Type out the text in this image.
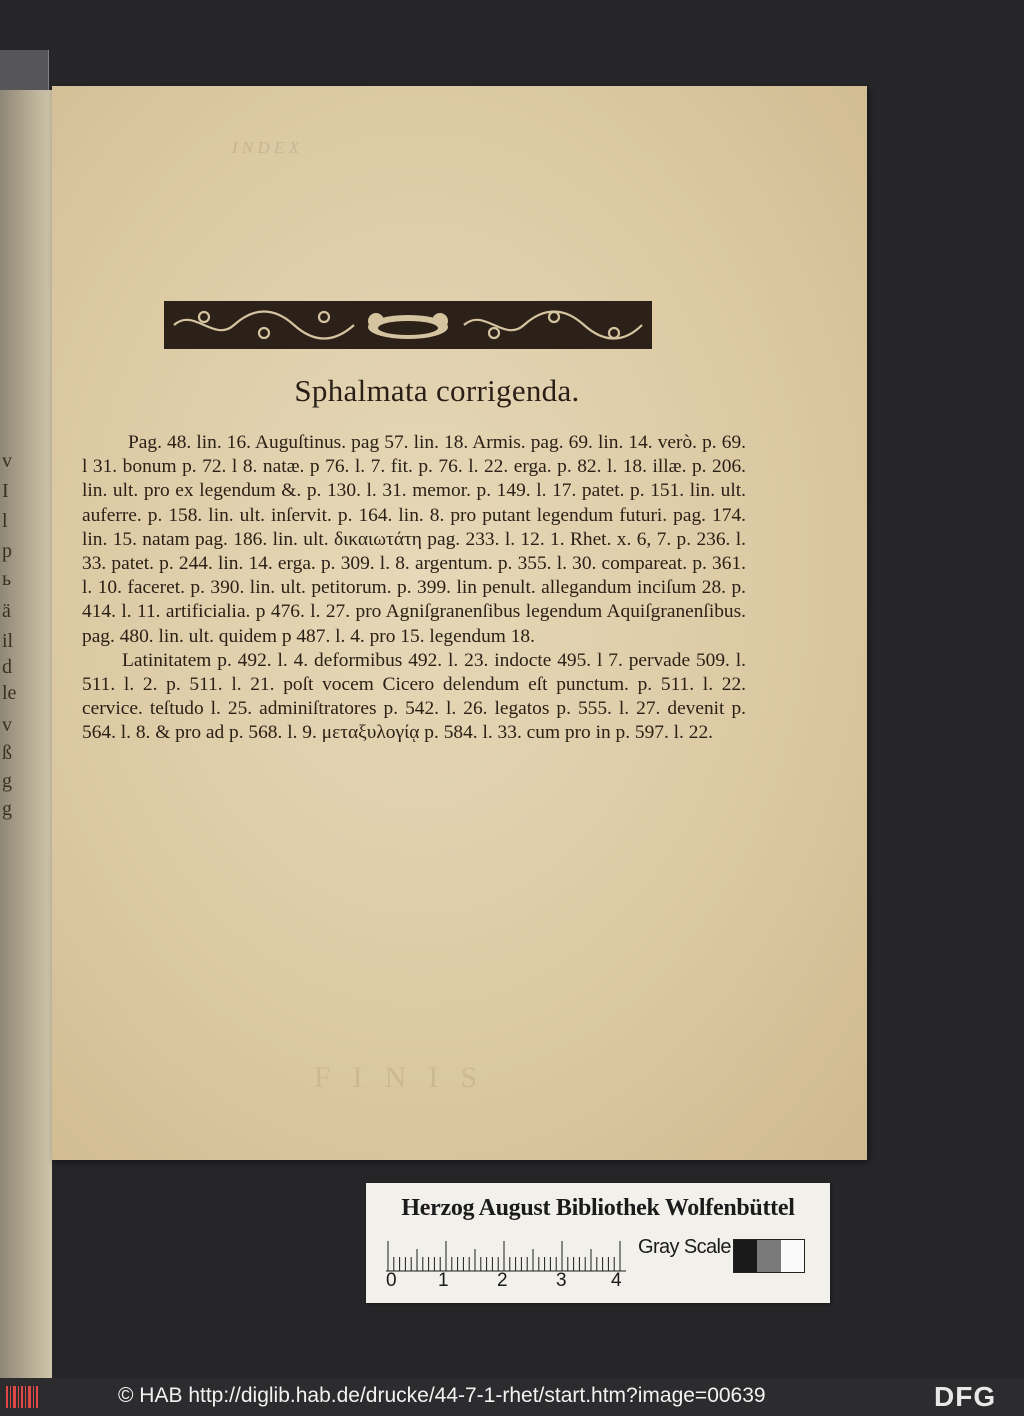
v
I
l
p
ь
ä
il
d
le
v
ß
g
g
I N D E X
Sphalmata corrigenda.

Pag. 48. lin. 16. Auguſtinus. pag 57. lin. 18. Armis. pag. 69. lin. 14. verò. p. 69. l 31. bonum p. 72. l 8. natæ. p 76. l. 7. fit. p. 76. l. 22. erga. p. 82. l. 18. illæ. p. 206. lin. ult. pro ex legendum &. p. 130. l. 31. memor. p. 149. l. 17. patet. p. 151. lin. ult. auferre. p. 158. lin. ult. inſervit. p. 164. lin. 8. pro putant legendum futuri. pag. 174. lin. 15. natam pag. 186. lin. ult. δικαιωτάτη pag. 233. l. 12. 1. Rhet. x. 6, 7. p. 236. l. 33. patet. p. 244. lin. 14. erga. p. 309. l. 8. argentum. p. 355. l. 30. compareat. p. 361. l. 10. faceret. p. 390. lin. ult. petitorum. p. 399. lin penult. allegandum inciſum 28. p. 414. l. 11. artificialia. p 476. l. 27. pro Agniſgranenſibus legendum Aquiſgranenſibus. pag. 480. lin. ult. quidem p 487. l. 4. pro 15. legendum 18.

Latinitatem p. 492. l. 4. deformibus 492. l. 23. indocte 495. l 7. pervade 509. l. 511. l. 2. p. 511. l. 21. poſt vocem Cicero delendum eſt punctum. p. 511. l. 22. cervice. teſtudo l. 25. adminiſtratores p. 542. l. 26. legatos p. 555. l. 27. devenit p. 564. l. 8. & pro ad p. 568. l. 9. μεταξυλογίᾳ p. 584. l. 33. cum pro in p. 597. l. 22.

FINIS
Herzog August Bibliothek Wolfenbüttel
Gray Scale
0 1	2	3 4
© HAB http://diglib.hab.de/drucke/44-7-1-rhet/start.htm?image=00639	DFG
